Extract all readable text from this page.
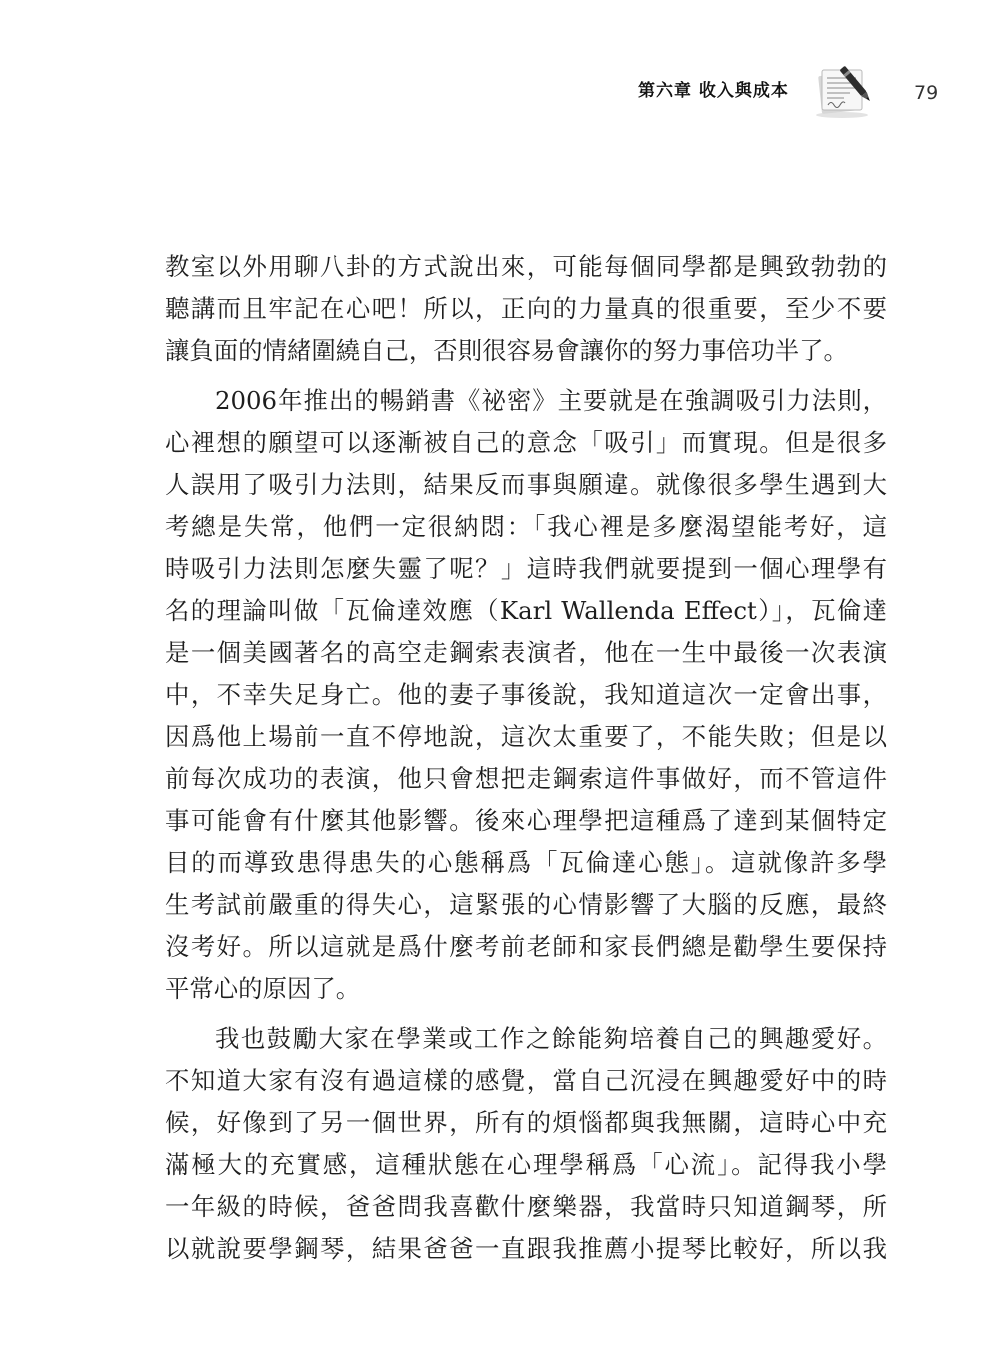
第六章 收入與成本	79
教室以外用聊八卦的方式說出來，可能每個同學都是興致勃勃的
聽講而且牢記在心吧！所以，正向的力量真的很重要，至少不要
讓負面的情緒圍繞自己，否則很容易會讓你的努力事倍功半了。
2006年推出的暢銷書《祕密》主要就是在強調吸引力法則，
心裡想的願望可以逐漸被自己的意念「吸引」而實現。但是很多
人誤用了吸引力法則，結果反而事與願違。就像很多學生遇到大
考總是失常，他們一定很納悶：「我心裡是多麼渴望能考好，這
時吸引力法則怎麼失靈了呢？」這時我們就要提到一個心理學有
名的理論叫做「瓦倫達效應（Karl Wallenda Effect）」，瓦倫達
是一個美國著名的高空走鋼索表演者，他在一生中最後一次表演
中，不幸失足身亡。他的妻子事後說，我知道這次一定會出事，
因爲他上場前一直不停地說，這次太重要了，不能失敗；但是以
前每次成功的表演，他只會想把走鋼索這件事做好，而不管這件
事可能會有什麼其他影響。後來心理學把這種爲了達到某個特定
目的而導致患得患失的心態稱爲「瓦倫達心態」。這就像許多學
生考試前嚴重的得失心，這緊張的心情影響了大腦的反應，最終
沒考好。所以這就是爲什麼考前老師和家長們總是勸學生要保持
平常心的原因了。
我也鼓勵大家在學業或工作之餘能夠培養自己的興趣愛好。
不知道大家有沒有過這樣的感覺，當自己沉浸在興趣愛好中的時
候，好像到了另一個世界，所有的煩惱都與我無關，這時心中充
滿極大的充實感，這種狀態在心理學稱爲「心流」。記得我小學
一年級的時候，爸爸問我喜歡什麼樂器，我當時只知道鋼琴，所
以就說要學鋼琴，結果爸爸一直跟我推薦小提琴比較好，所以我
